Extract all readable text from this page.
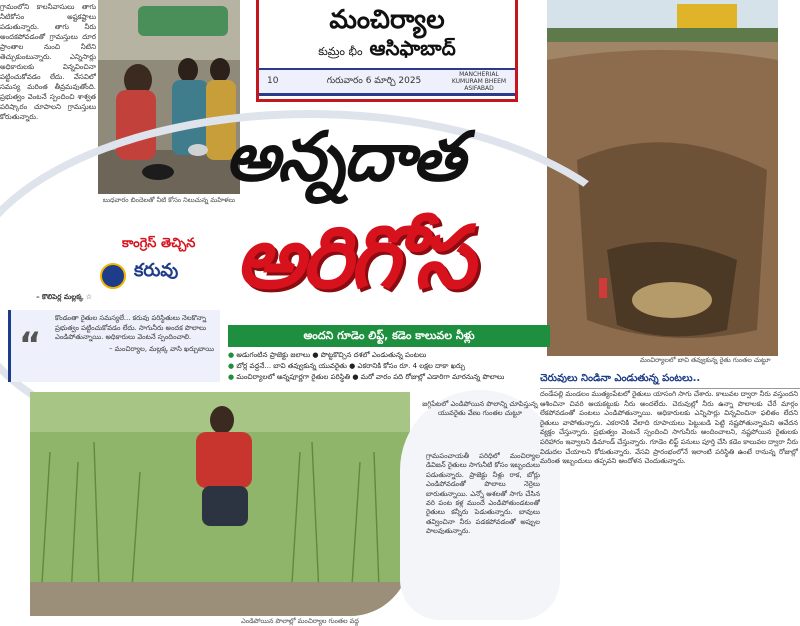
గ్రామంలోని కాలనీవాసులు తాగు నీటికోసం అష్టకష్టాలు పడుతున్నారు. తాగు నీరు అందకపోవడంతో గ్రామస్తులు దూర ప్రాంతాల నుంచి నీటిని తెచ్చుకుంటున్నారు. ఎన్నిసార్లు అధికారులకు విన్నవించినా పట్టించుకోవడం లేదు. వేసవిలో సమస్య మరింత తీవ్రమవుతోంది. ప్రభుత్వం వెంటనే స్పందించి శాశ్వత పరిష్కారం చూపాలని గ్రామస్తులు కోరుతున్నారు.
– కొలిపెర్ల మల్లక్క ☆
బుధవారం బిందెలతో నీటి కోసం నిలుచున్న మహిళలు
మంచిర్యాల
కుమ్రం భీం ఆసిఫాబాద్
10	గురువారం 6 మార్చి 2025
MANCHERIAL KUMURAM BHEEM ASIFABAD
మంచిర్యాలలో బావి తవ్వుకున్న రైతు గుంతల చుట్టూ
అన్నదాత
అరిగోస
కాంగ్రెస్ తెచ్చిన
కరువు
“
కొండంతా రైతుల సమస్యలే... కరువు పరిస్థితులు నెలకొన్నా ప్రభుత్వం పట్టించుకోవడం లేదు. సాగునీరు అందక పొలాలు ఎండిపోతున్నాయి. అధికారులు వెంటనే స్పందించాలి.
– మంచిర్యాల, మల్లక్క వాసి ఖర్చుబాయి
అందని గూడెం లిఫ్ట్, కడెం కాలువల నీళ్లు
● అడుగంటిన ప్రాజెక్టు జలాలు ● పొట్టకొచ్చిన దశలో ఎండుతున్న పంటలు
● బోర్ల వద్దనే... బావి తవ్వుకున్న యువరైతు ● ఎకరానికి కోసం రూ. 4 లక్షల దాకా ఖర్చు
● మంచిర్యాలలో అన్నపూర్ణగా రైతుల పరిస్థితి ● మరో వారం పది రోజుల్లో ఎడారిగా మారనున్న పొలాలు
ఎండిపోయిన పొలాల్లో మంచిర్యాల గుంతల వద్ద
జగ్గిపేటలో ఎండిపోయిన పొలాన్ని చూపిస్తున్న యువరైతు వేణు గుంతల చుట్టూ
గ్రామపంచాయతీ పరిధిలో మంచిర్యాల డివిజన్ రైతులు సాగునీటి కోసం ఇబ్బందులు పడుతున్నారు. ప్రాజెక్టు నీళ్లు రాక, బోర్లు ఎండిపోవడంతో పొలాలు నెర్రెలు బారుతున్నాయి. ఎన్నో ఆశలతో సాగు చేసిన వరి పంట కళ్ల ముందే ఎండిపోతుండటంతో రైతులు కన్నీరు పెడుతున్నారు. బావులు తవ్వించినా నీరు పడకపోవడంతో అప్పుల పాలవుతున్నారు.
చెరువులు నిండినా ఎండుతున్న పంటలు..
దండేపల్లి మండలం ముత్యంపేటలో రైతులు యాసంగి సాగు చేశారు. కాలువల ద్వారా నీరు వస్తుందని ఆశించినా చివరి ఆయకట్టుకు నీరు అందలేదు. చెరువుల్లో నీరు ఉన్నా పొలాలకు చేరే మార్గం లేకపోవడంతో పంటలు ఎండిపోతున్నాయి. అధికారులకు ఎన్నిసార్లు విన్నవించినా ఫలితం లేదని రైతులు వాపోతున్నారు. ఎకరానికి వేలాది రూపాయలు పెట్టుబడి పెట్టి నష్టపోతున్నామని ఆవేదన వ్యక్తం చేస్తున్నారు. ప్రభుత్వం వెంటనే స్పందించి సాగునీరు అందించాలని, నష్టపోయిన రైతులకు పరిహారం ఇవ్వాలని డిమాండ్ చేస్తున్నారు. గూడెం లిఫ్ట్ పనులు పూర్తి చేసి కడెం కాలువల ద్వారా నీరు విడుదల చేయాలని కోరుతున్నారు. వేసవి ప్రారంభంలోనే ఇలాంటి పరిస్థితి ఉంటే రానున్న రోజుల్లో మరింత ఇబ్బందులు తప్పవని ఆందోళన చెందుతున్నారు.
